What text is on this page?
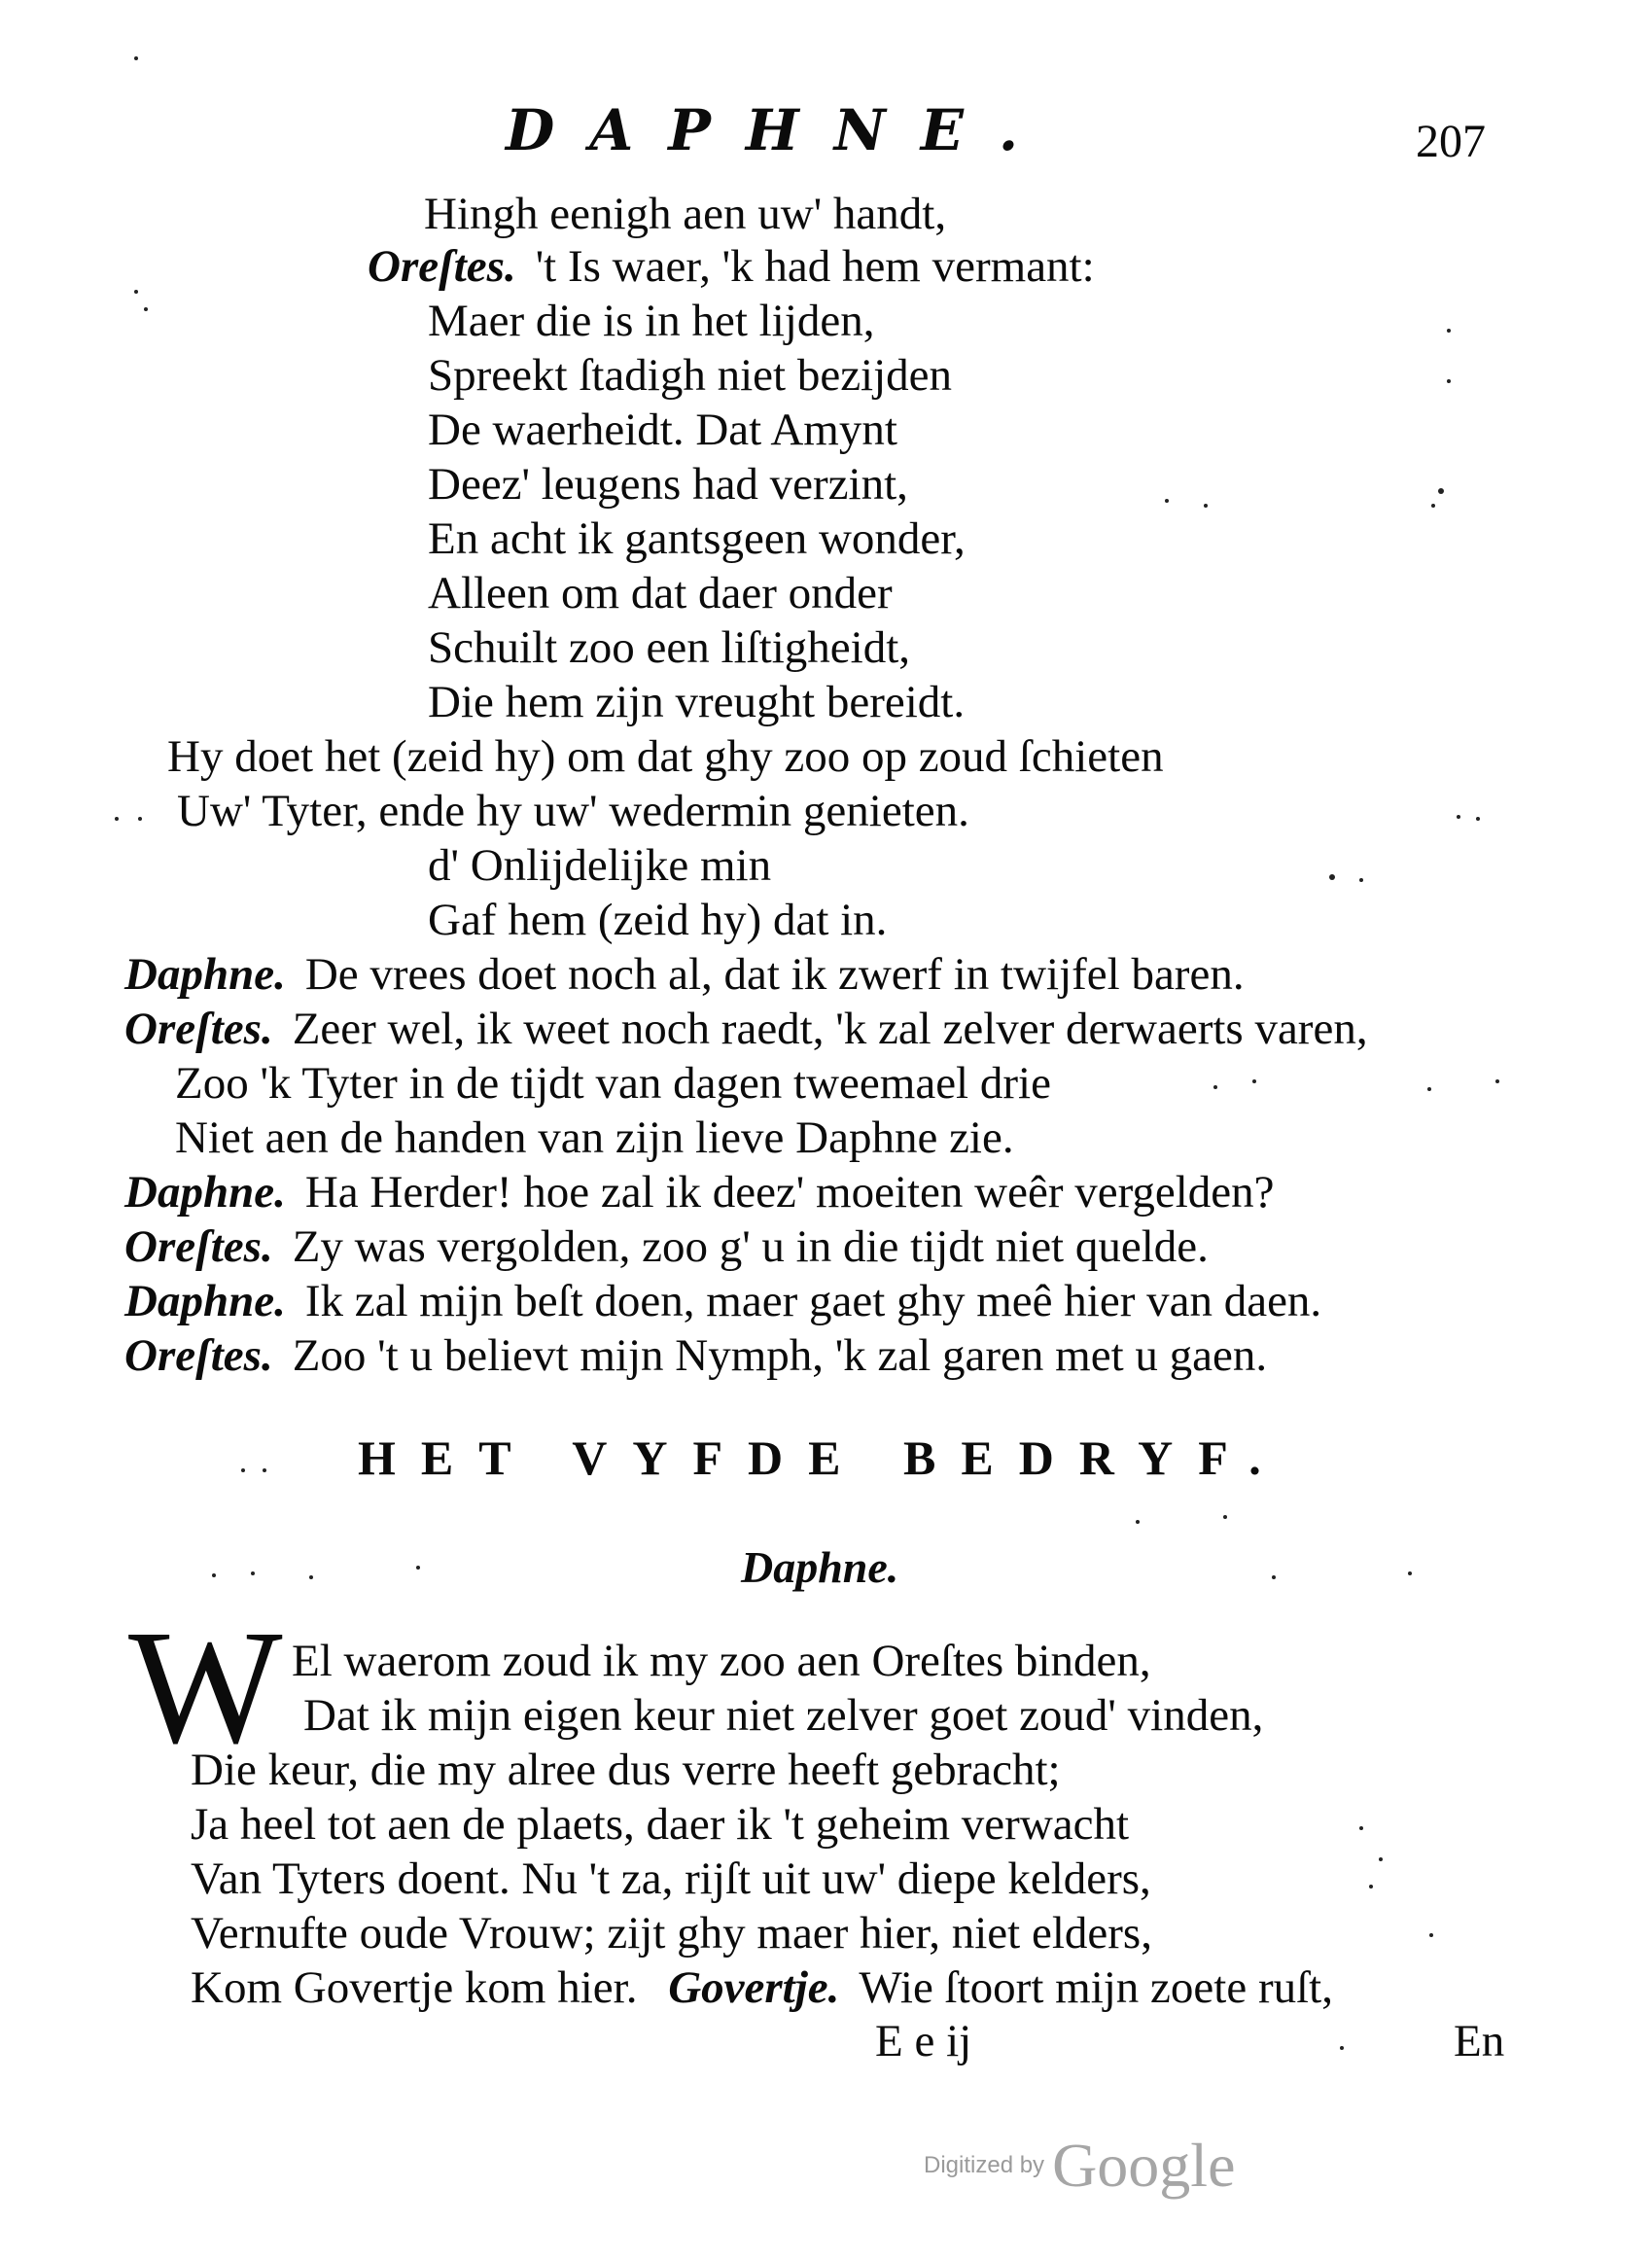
DAPHNE.	207
Hingh eenigh aen uw' handt,
Oreſtes. 't Is waer, 'k had hem vermant:
Maer die is in het lijden,
Spreekt ſtadigh niet bezijden
De waerheidt. Dat Amynt
Deez' leugens had verzint,
En acht ik gantsgeen wonder,
Alleen om dat daer onder
Schuilt zoo een liſtigheidt,
Die hem zijn vreught bereidt.
Hy doet het (zeid hy) om dat ghy zoo op zoud ſchieten
Uw' Tyter, ende hy uw' wedermin genieten.
d' Onlijdelijke min
Gaf hem (zeid hy) dat in.
Daphne. De vrees doet noch al, dat ik zwerf in twijfel baren.
Oreſtes. Zeer wel, ik weet noch raedt, 'k zal zelver derwaerts varen,
Zoo 'k Tyter in de tijdt van dagen tweemael drie
Niet aen de handen van zijn lieve Daphne zie.
Daphne. Ha Herder! hoe zal ik deez' moeiten weêr vergelden?
Oreſtes. Zy was vergolden, zoo g' u in die tijdt niet quelde.
Daphne. Ik zal mijn beſt doen, maer gaet ghy meê hier van daen.
Oreſtes. Zoo 't u believt mijn Nymph, 'k zal garen met u gaen.
HET VYFDE BEDRYF.
Daphne.
W El waerom zoud ik my zoo aen Oreſtes binden,
Dat ik mijn eigen keur niet zelver goet zoud' vinden,
Die keur, die my alree dus verre heeft gebracht;
Ja heel tot aen de plaets, daer ik 't geheim verwacht
Van Tyters doent. Nu 't za, rijſt uit uw' diepe kelders,
Vernufte oude Vrouw; zijt ghy maer hier, niet elders,
Kom Govertje kom hier. Govertje. Wie ſtoort mijn zoete ruſt,
E e ij	En
Digitized by Google
